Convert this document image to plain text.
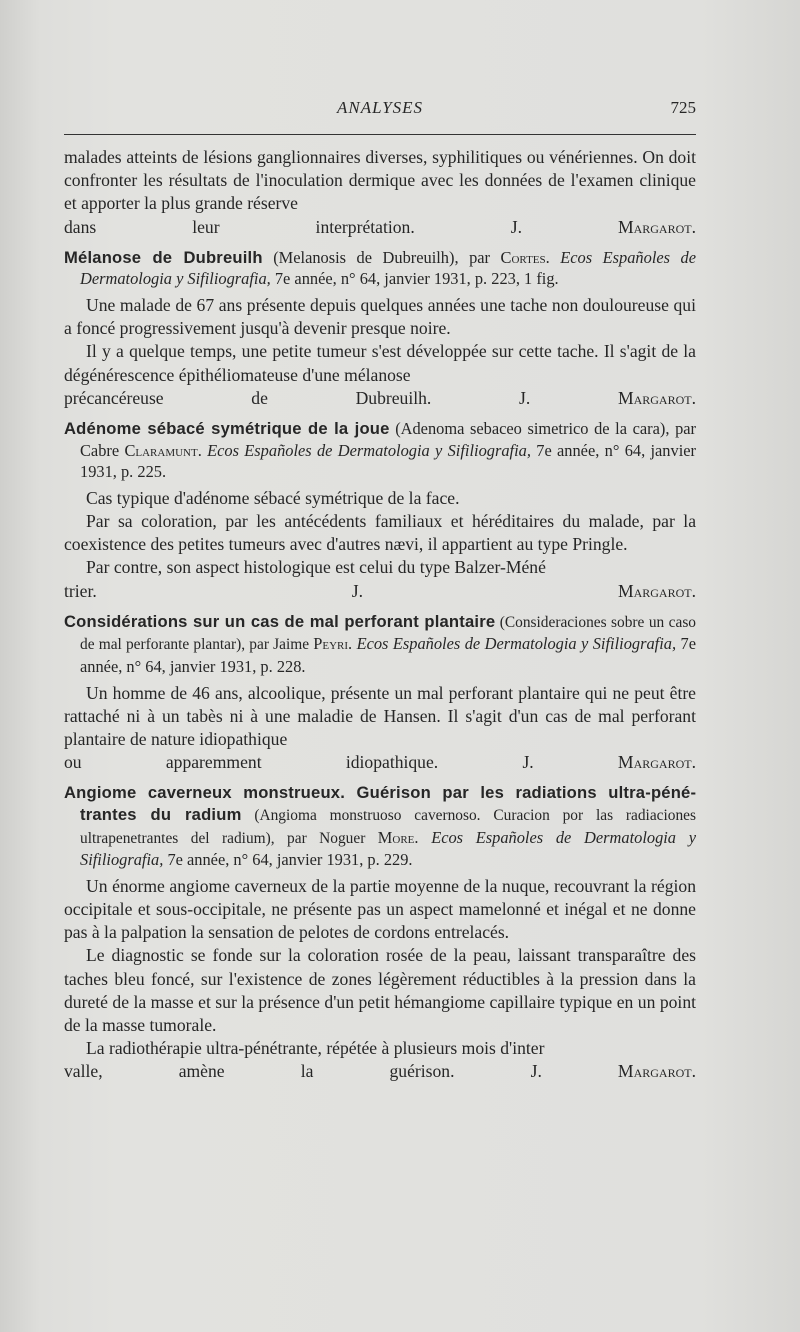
ANALYSES	725

malades atteints de lésions ganglionnaires diverses, syphilitiques ou vénériennes. On doit confronter les résultats de l'inoculation dermique avec les données de l'examen clinique et apporter la plus grande réserve

dans leur interprétation.	J. Margarot.

Mélanose de Dubreuilh (Melanosis de Dubreuilh), par Cortes. Ecos Españoles de Dermatologia y Sifiliografia, 7e année, n° 64, janvier 1931, p. 223, 1 fig.

Une malade de 67 ans présente depuis quelques années une tache non douloureuse qui a foncé progressivement jusqu'à devenir presque noire.

Il y a quelque temps, une petite tumeur s'est développée sur cette tache. Il s'agit de la dégénérescence épithéliomateuse d'une mélanose

précancéreuse de Dubreuilh.	J. Margarot.

Adénome sébacé symétrique de la joue (Adenoma sebaceo simetrico de la cara), par Cabre Claramunt. Ecos Españoles de Dermatologia y Sifiliografia, 7e année, n° 64, janvier 1931, p. 225.

Cas typique d'adénome sébacé symétrique de la face.

Par sa coloration, par les antécédents familiaux et héréditaires du malade, par la coexistence des petites tumeurs avec d'autres nævi, il appartient au type Pringle.

Par contre, son aspect histologique est celui du type Balzer-Méné

trier.	J. Margarot.

Considérations sur un cas de mal perforant plantaire (Consideraciones sobre un caso de mal perforante plantar), par Jaime Peyri. Ecos Españoles de Dermatologia y Sifiliografia, 7e année, n° 64, janvier 1931, p. 228.

Un homme de 46 ans, alcoolique, présente un mal perforant plantaire qui ne peut être rattaché ni à un tabès ni à une maladie de Hansen. Il s'agit d'un cas de mal perforant plantaire de nature idiopathique

ou apparemment idiopathique.	J. Margarot.

Angiome caverneux monstrueux. Guérison par les radiations ultra-pénétrantes du radium (Angioma monstruoso cavernoso. Curacion por las radiaciones ultrapenetrantes del radium), par Noguer More. Ecos Españoles de Dermatologia y Sifiliografia, 7e année, n° 64, janvier 1931, p. 229.

Un énorme angiome caverneux de la partie moyenne de la nuque, recouvrant la région occipitale et sous-occipitale, ne présente pas un aspect mamelonné et inégal et ne donne pas à la palpation la sensation de pelotes de cordons entrelacés.

Le diagnostic se fonde sur la coloration rosée de la peau, laissant transparaître des taches bleu foncé, sur l'existence de zones légèrement réductibles à la pression dans la dureté de la masse et sur la présence d'un petit hémangiome capillaire typique en un point de la masse tumorale.

La radiothérapie ultra-pénétrante, répétée à plusieurs mois d'inter

valle, amène la guérison.	J. Margarot.
